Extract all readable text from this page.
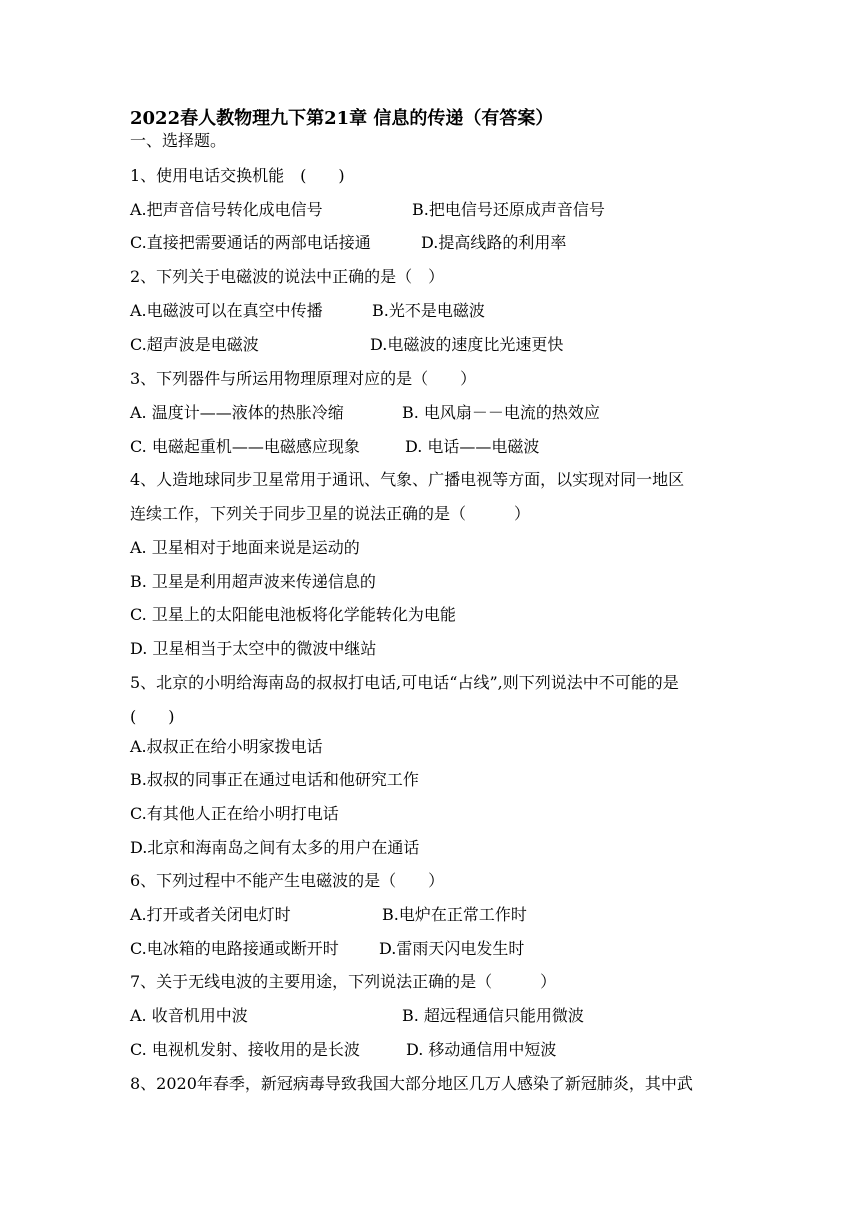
2022春人教物理九下第21章 信息的传递（有答案）
一、选择题。
1、使用电话交换机能　(　　)
A.把声音信号转化成电信号	B.把电信号还原成声音信号
C.直接把需要通话的两部电话接通	D.提高线路的利用率
2、下列关于电磁波的说法中正确的是（　）
A.电磁波可以在真空中传播	B.光不是电磁波
C.超声波是电磁波	D.电磁波的速度比光速更快
3、下列器件与所运用物理原理对应的是（　　）
A. 温度计——液体的热胀冷缩	B. 电风扇－－电流的热效应
C. 电磁起重机——电磁感应现象	D. 电话——电磁波
4、人造地球同步卫星常用于通讯、气象、广播电视等方面，以实现对同一地区
连续工作，下列关于同步卫星的说法正确的是（　　　）
A. 卫星相对于地面来说是运动的
B. 卫星是利用超声波来传递信息的
C. 卫星上的太阳能电池板将化学能转化为电能
D. 卫星相当于太空中的微波中继站
5、北京的小明给海南岛的叔叔打电话,可电话“占线”,则下列说法中不可能的是
(　　)
A.叔叔正在给小明家拨电话
B.叔叔的同事正在通过电话和他研究工作
C.有其他人正在给小明打电话
D.北京和海南岛之间有太多的用户在通话
6、下列过程中不能产生电磁波的是（　　）
A.打开或者关闭电灯时	B.电炉在正常工作时
C.电冰箱的电路接通或断开时	D.雷雨天闪电发生时
7、关于无线电波的主要用途，下列说法正确的是（　　　）
A. 收音机用中波	B. 超远程通信只能用微波
C. 电视机发射、接收用的是长波	D. 移动通信用中短波
8、2020年春季，新冠病毒导致我国大部分地区几万人感染了新冠肺炎，其中武
